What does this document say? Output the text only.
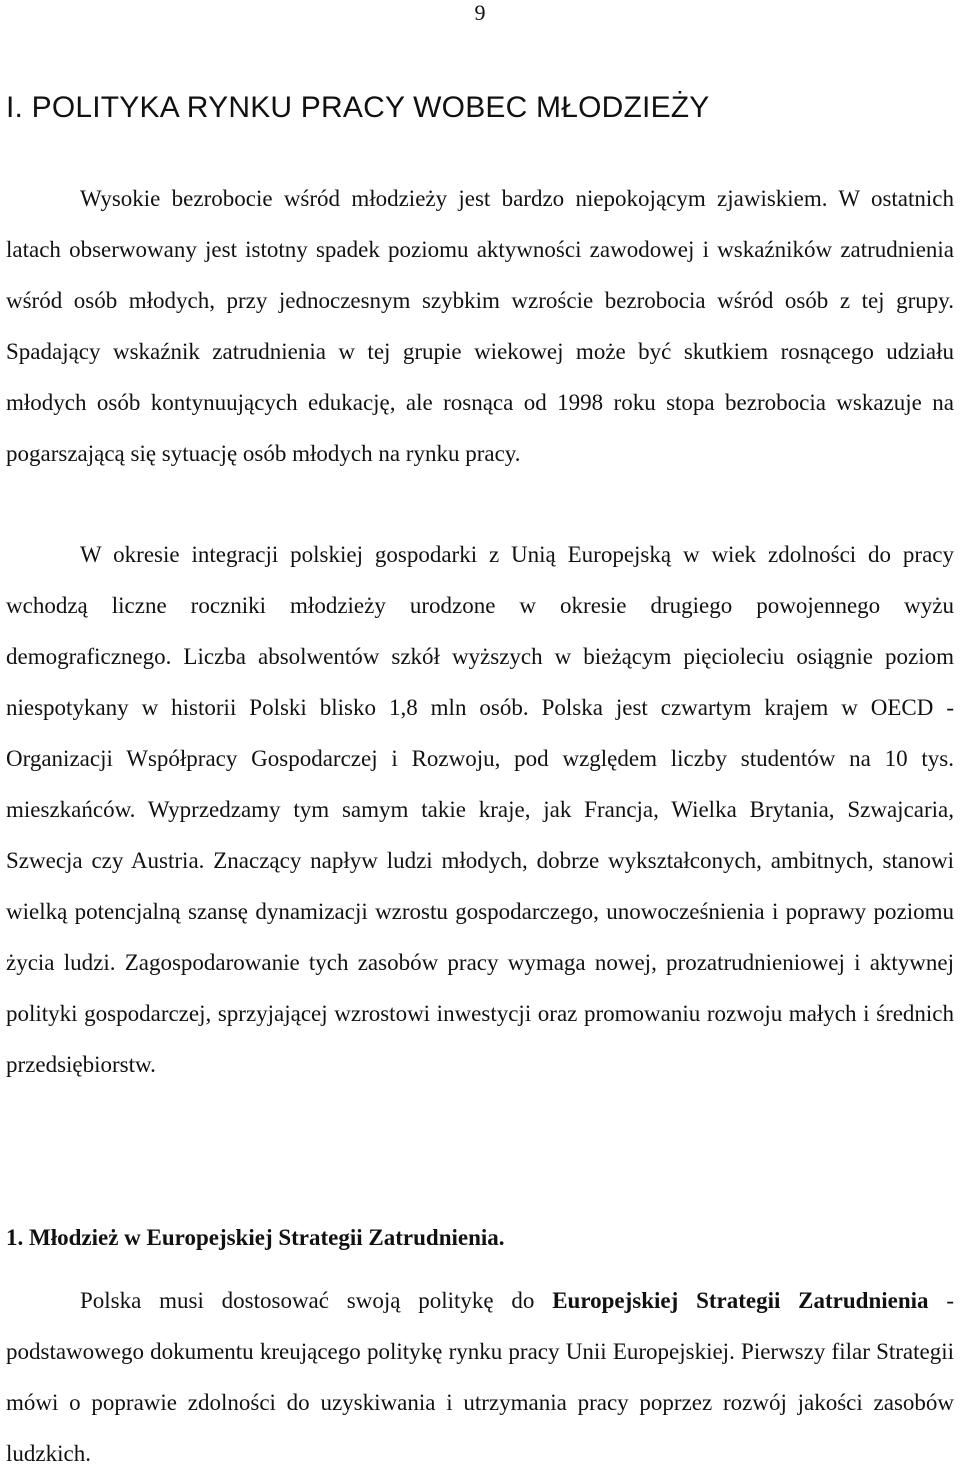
9
I. POLITYKA RYNKU PRACY WOBEC MŁODZIEŻY

Wysokie bezrobocie wśród młodzieży jest bardzo niepokojącym zjawiskiem. W ostatnich latach obserwowany jest istotny spadek poziomu aktywności zawodowej i wskaźników zatrudnienia wśród osób młodych, przy jednoczesnym szybkim wzroście bezrobocia wśród osób z tej grupy. Spadający wskaźnik zatrudnienia w tej grupie wiekowej może być skutkiem rosnącego udziału młodych osób kontynuujących edukację, ale rosnąca od 1998 roku stopa bezrobocia wskazuje na pogarszającą się sytuację osób młodych na rynku pracy.

W okresie integracji polskiej gospodarki z Unią Europejską w wiek zdolności do pracy wchodzą liczne roczniki młodzieży urodzone w okresie drugiego powojennego wyżu demograficznego. Liczba absolwentów szkół wyższych w bieżącym pięcioleciu osiągnie poziom niespotykany w historii Polski blisko 1,8 mln osób. Polska jest czwartym krajem w OECD - Organizacji Współpracy Gospodarczej i Rozwoju, pod względem liczby studentów na 10 tys. mieszkańców. Wyprzedzamy tym samym takie kraje, jak Francja, Wielka Brytania, Szwajcaria, Szwecja czy Austria. Znaczący napływ ludzi młodych, dobrze wykształconych, ambitnych, stanowi wielką potencjalną szansę dynamizacji wzrostu gospodarczego, unowocześnienia i poprawy poziomu życia ludzi. Zagospodarowanie tych zasobów pracy wymaga nowej, prozatrudnieniowej i aktywnej polityki gospodarczej, sprzyjającej wzrostowi inwestycji oraz promowaniu rozwoju małych i średnich przedsiębiorstw.

1. Młodzież w Europejskiej Strategii Zatrudnienia.

Polska musi dostosować swoją politykę do Europejskiej Strategii Zatrudnienia - podstawowego dokumentu kreującego politykę rynku pracy Unii Europejskiej. Pierwszy filar Strategii mówi o poprawie zdolności do uzyskiwania i utrzymania pracy poprzez rozwój jakości zasobów ludzkich.
